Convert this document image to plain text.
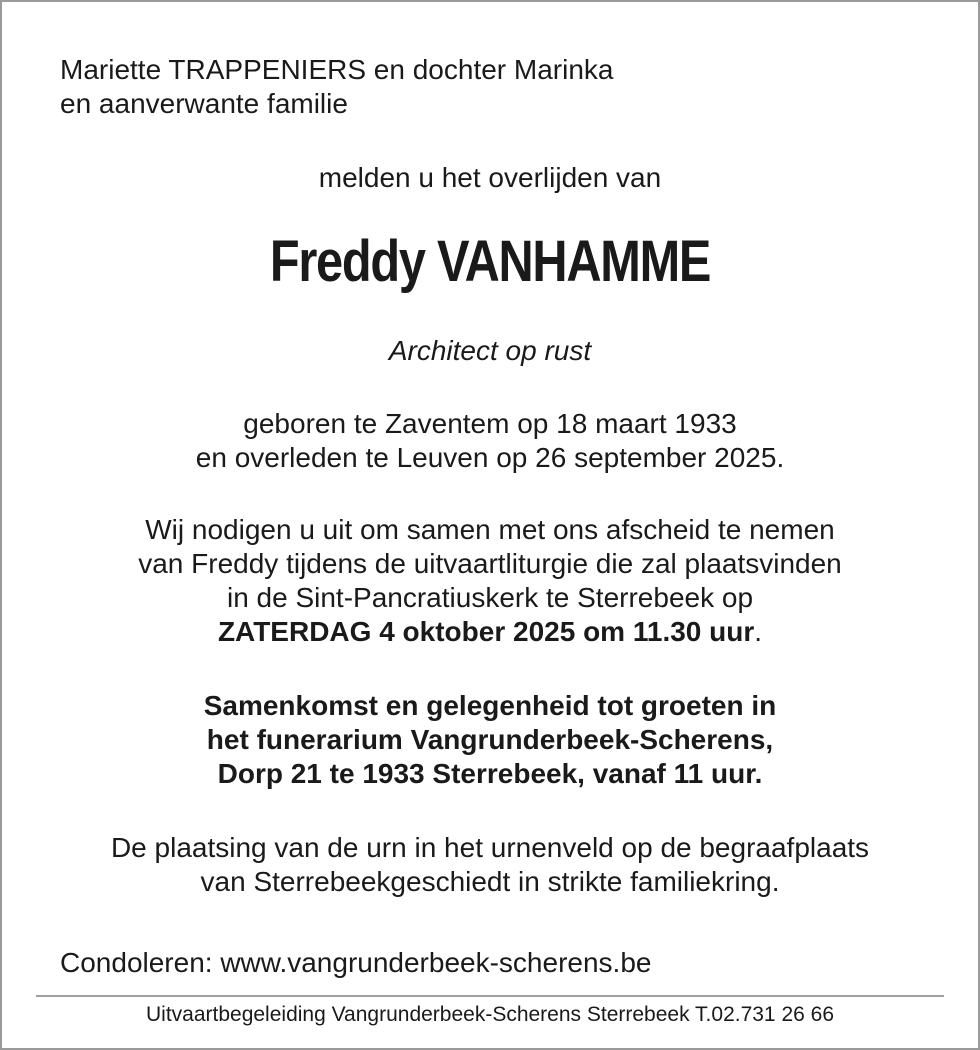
Mariette TRAPPENIERS en dochter Marinka
en aanverwante familie
melden u het overlijden van
Freddy VANHAMME
Architect op rust
geboren te Zaventem op 18 maart 1933
en overleden te Leuven op 26 september 2025.
Wij nodigen u uit om samen met ons afscheid te nemen
van Freddy tijdens de uitvaartliturgie die zal plaatsvinden
in de Sint-Pancratiuskerk te Sterrebeek op
ZATERDAG 4 oktober 2025 om 11.30 uur.
Samenkomst en gelegenheid tot groeten in
het funerarium Vangrunderbeek-Scherens,
Dorp 21 te 1933 Sterrebeek, vanaf 11 uur.
De plaatsing van de urn in het urnenveld op de begraafplaats
van Sterrebeekgeschiedt in strikte familiekring.
Condoleren: www.vangrunderbeek-scherens.be
Uitvaartbegeleiding Vangrunderbeek-Scherens Sterrebeek T.02.731 26 66
